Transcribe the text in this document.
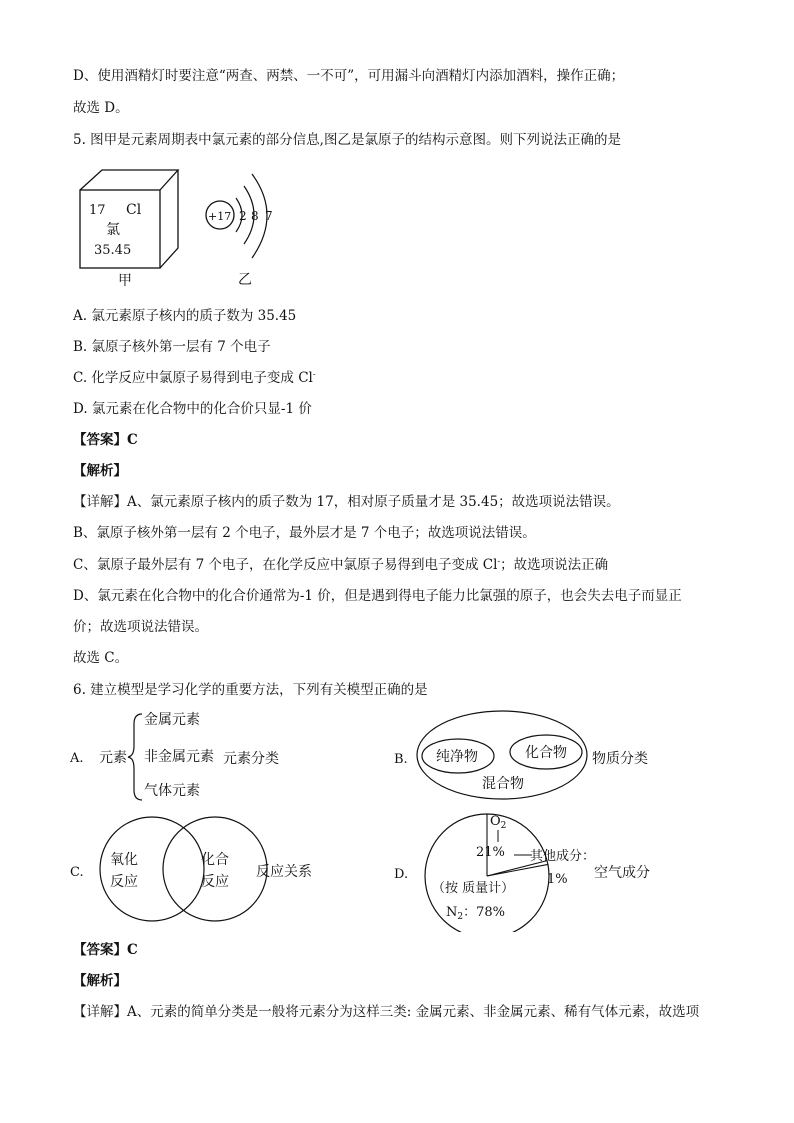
D、使用酒精灯时要注意“两查、两禁、一不可”，可用漏斗向酒精灯内添加酒料，操作正确；
故选 D。
5. 图甲是元素周期表中氯元素的部分信息,图乙是氯原子的结构示意图。则下列说法正确的是
17 Cl
氯
35.45
甲
+17 2 8 7
乙
A. 氯元素原子核内的质子数为 35.45
B. 氯原子核外第一层有 7 个电子
C. 化学反应中氯原子易得到电子变成 Cl-
D. 氯元素在化合物中的化合价只显-1 价
【答案】C
【解析】
【详解】A、氯元素原子核内的质子数为 17，相对原子质量才是 35.45；故选项说法错误。
B、氯原子核外第一层有 2 个电子，最外层才是 7 个电子；故选项说法错误。
C、氯原子最外层有 7 个电子，在化学反应中氯原子易得到电子变成 Cl-；故选项说法正确
D、氯元素在化合物中的化合价通常为-1 价，但是遇到得电子能力比氯强的原子，也会失去电子而显正
价；故选项说法错误。
故选 C。
6. 建立模型是学习化学的重要方法，下列有关模型正确的是
A. 元素
金属元素
非金属元素
气体元素
元素分类	B. 纯净物	化合物
混合物
物质分类
C.
氧化
反应
化合
反应
反应关系	D.
$O_2$
21% 其他成分：
1%
（按 质量计）
$N_2$：78%
空气成分
【答案】C
【解析】
【详解】A、元素的简单分类是一般将元素分为这样三类: 金属元素、非金属元素、稀有气体元素，故选项
